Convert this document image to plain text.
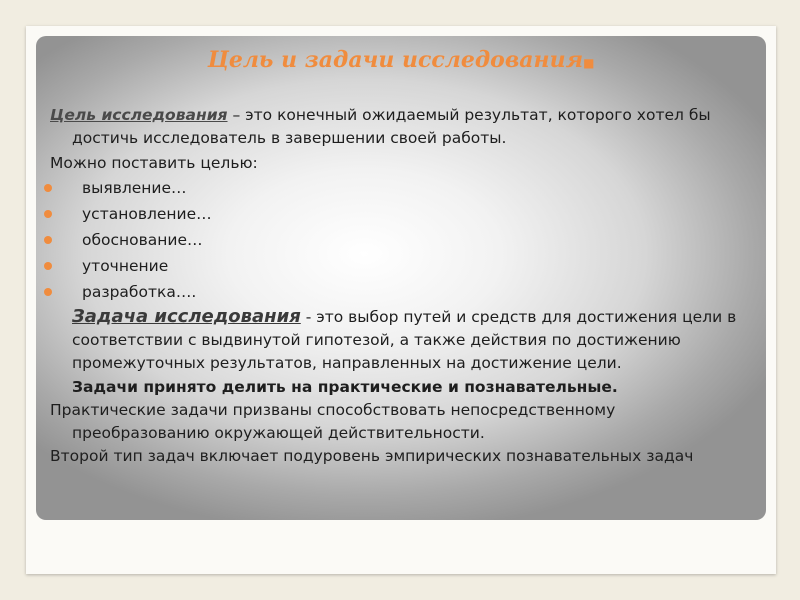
Цель и задачи исследования■

Цель исследования – это конечный ожидаемый результат, которого хотел бы достичь исследователь в завершении своей работы.

Можно поставить целью:

выявление…
установление…
обоснование…
уточнение
разработка….

Задача исследования - это выбор путей и средств для достижения цели в соответствии с выдвинутой гипотезой, а также действия по достижению промежуточных результатов, направленных на достижение цели.

Задачи принято делить на практические и познавательные.

Практические задачи призваны способствовать непосредственному преобразованию окружающей действительности.

Второй тип задач включает подуровень эмпирических познавательных задач
